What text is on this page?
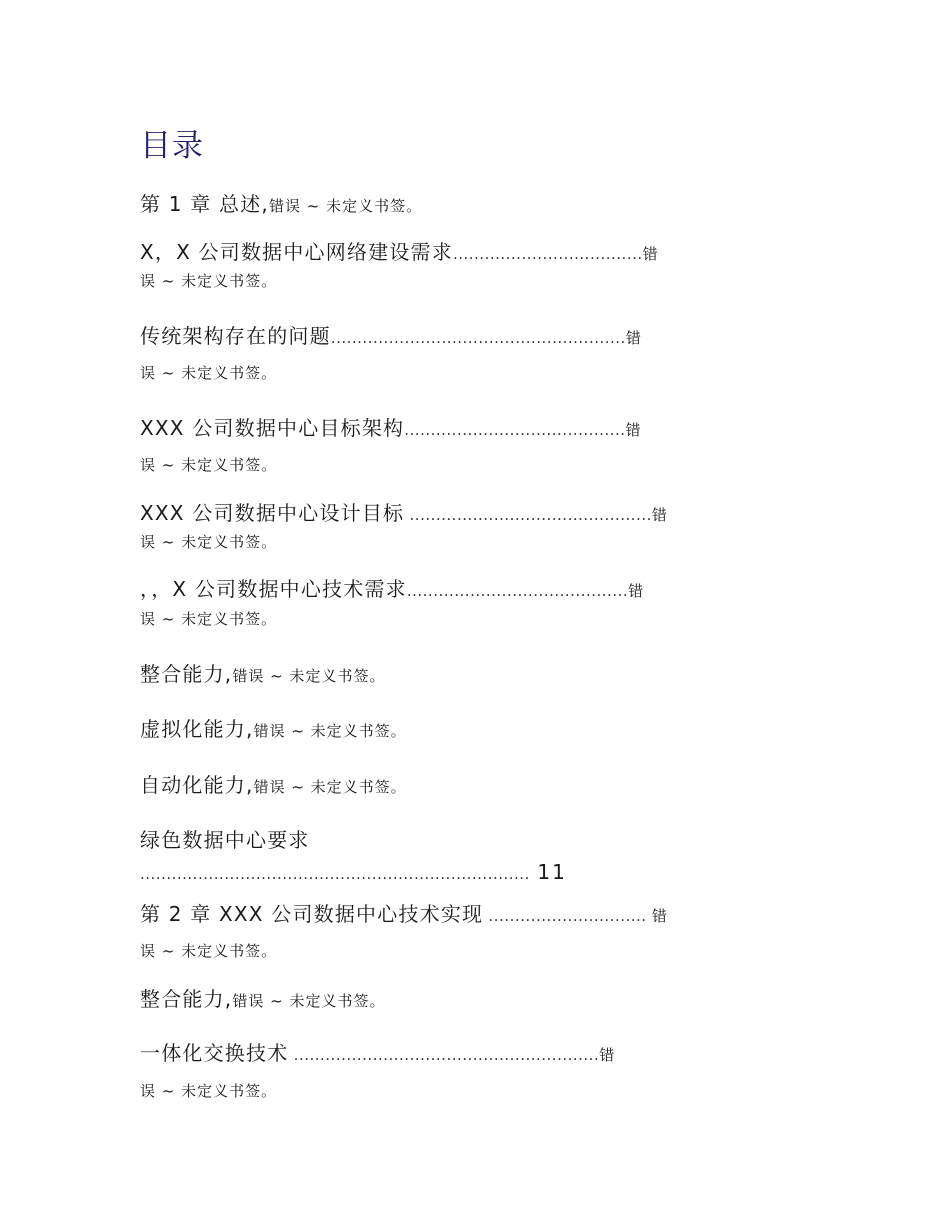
目录
第 1 章 总述,错误 ~ 未定义书签。
X，X 公司数据中心网络建设需求....................................错
误 ~ 未定义书签。
传统架构存在的问题........................................................错
误 ~ 未定义书签。
XXX 公司数据中心目标架构..........................................错
误 ~ 未定义书签。
XXX 公司数据中心设计目标 ..............................................错
误 ~ 未定义书签。
，，X 公司数据中心技术需求..........................................错
误 ~ 未定义书签。
整合能力,错误 ~ 未定义书签。
虚拟化能力,错误 ~ 未定义书签。
自动化能力,错误 ~ 未定义书签。
绿色数据中心要求
.......................................................................... 11
第 2 章 XXX 公司数据中心技术实现 .............................. 错
误 ~ 未定义书签。
整合能力,错误 ~ 未定义书签。
一体化交换技术 ..........................................................错
误 ~ 未定义书签。
